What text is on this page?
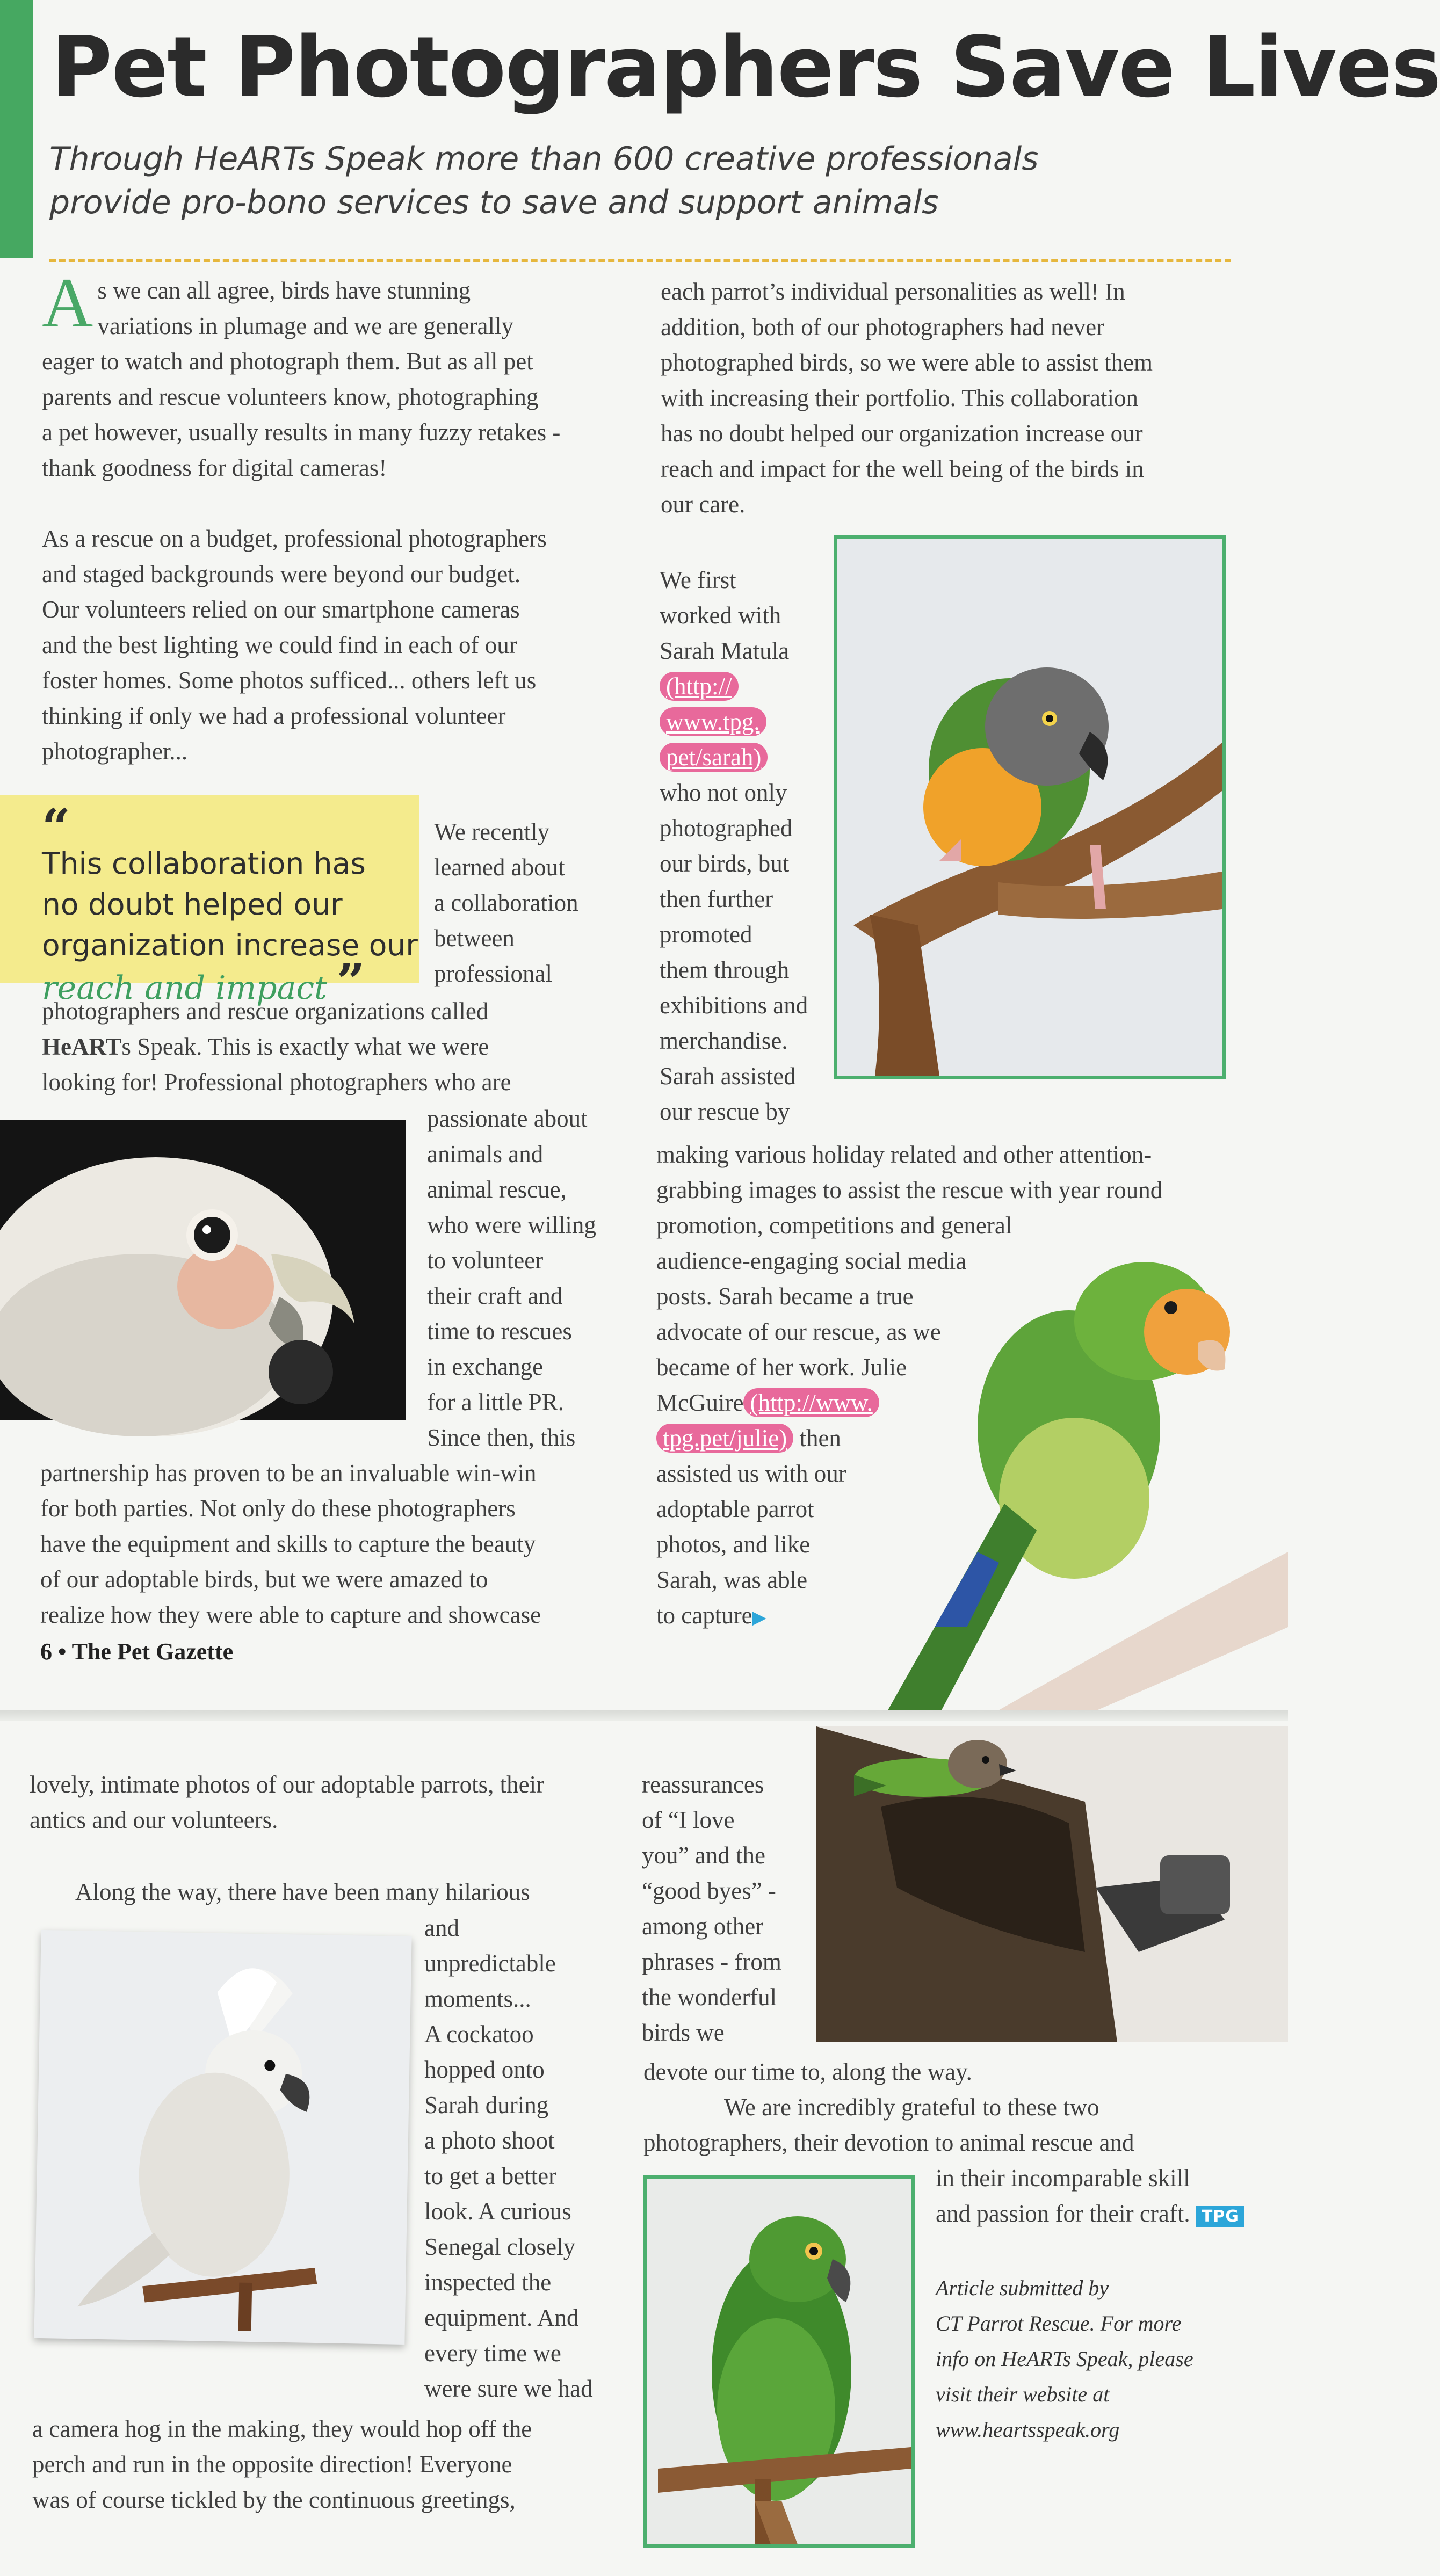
Pet Photographers Save Lives
Through HeARTs Speak more than 600 creative professionals
provide pro-bono services to save and support animals

As we can all agree, birds have stunning
variations in plumage and we are generally
eager to watch and photograph them. But as all pet
parents and rescue volunteers know, photographing
a pet however, usually results in many fuzzy retakes -
thank goodness for digital cameras!

As a rescue on a budget, professional photographers
and staged backgrounds were beyond our budget.
Our volunteers relied on our smartphone cameras
and the best lighting we could find in each of our
foster homes. Some photos sufficed... others left us
thinking if only we had a professional volunteer
photographer...

“
This collaboration has
no doubt helped our
organization increase our
reach and impact ”
We recently
learned about
a collaboration
between
professional
photographers and rescue organizations called
HeARTs Speak. This is exactly what we were
looking for! Professional photographers who are
passionate about
animals and
animal rescue,
who were willing
to volunteer
their craft and
time to rescues
in exchange
for a little PR.
Since then, this
partnership has proven to be an invaluable win-win
for both parties. Not only do these photographers
have the equipment and skills to capture the beauty
of our adoptable birds, but we were amazed to
realize how they were able to capture and showcase
6 • The Pet Gazette
each parrot’s individual personalities as well! In
addition, both of our photographers had never
photographed birds, so we were able to assist them
with increasing their portfolio. This collaboration
has no doubt helped our organization increase our
reach and impact for the well being of the birds in
our care.
We first
worked with
Sarah Matula
(http://
www.tpg.
pet/sarah)
who not only
photographed
our birds, but
then further
promoted
them through
exhibitions and
merchandise.
Sarah assisted
our rescue by
making various holiday related and other attention-
grabbing images to assist the rescue with year round
promotion, competitions and general
audience-engaging social media
posts. Sarah became a true
advocate of our rescue, as we
became of her work. Julie
McGuire (http://www.
tpg.pet/julie) then
assisted us with our
adoptable parrot
photos, and like
Sarah, was able
to capture▶
lovely, intimate photos of our adoptable parrots, their
antics and our volunteers.
Along the way, there have been many hilarious
and
unpredictable
moments...
A cockatoo
hopped onto
Sarah during
a photo shoot
to get a better
look. A curious
Senegal closely
inspected the
equipment. And
every time we
were sure we had
a camera hog in the making, they would hop off the
perch and run in the opposite direction! Everyone
was of course tickled by the continuous greetings,
reassurances
of “I love
you” and the
“good byes” -
among other
phrases - from
the wonderful
birds we
devote our time to, along the way.
We are incredibly grateful to these two
photographers, their devotion to animal rescue and
in their incomparable skill
and passion for their craft. TPG
Article submitted by
CT Parrot Rescue. For more
info on HeARTs Speak, please
visit their website at
www.heartsspeak.org
